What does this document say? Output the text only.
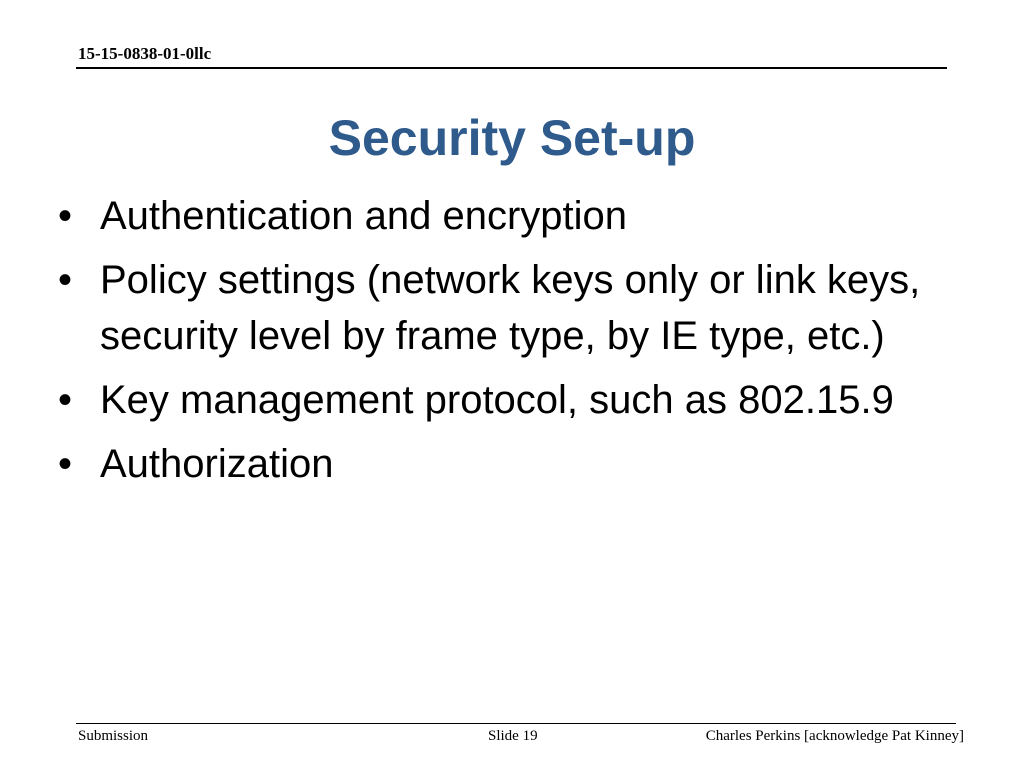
15-15-0838-01-0llc
Security Set-up
• Authentication and encryption
• Policy settings (network keys only or link keys, security level by frame type, by IE type, etc.)
• Key management protocol, such as 802.15.9
• Authorization
Submission	Slide 19	Charles Perkins [acknowledge Pat Kinney]
